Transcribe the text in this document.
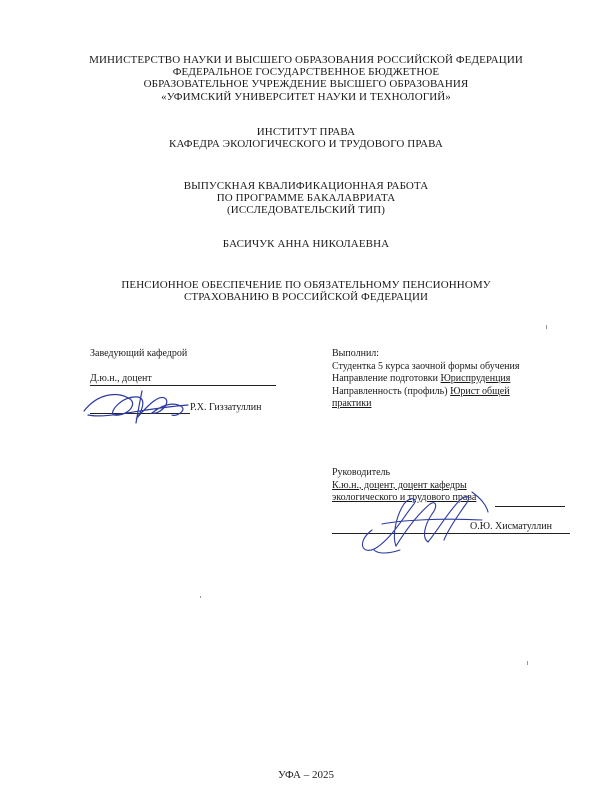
МИНИСТЕРСТВО НАУКИ И ВЫСШЕГО ОБРАЗОВАНИЯ РОССИЙСКОЙ ФЕДЕРАЦИИ
ФЕДЕРАЛЬНОЕ ГОСУДАРСТВЕННОЕ БЮДЖЕТНОЕ
ОБРАЗОВАТЕЛЬНОЕ УЧРЕЖДЕНИЕ ВЫСШЕГО ОБРАЗОВАНИЯ
«УФИМСКИЙ УНИВЕРСИТЕТ НАУКИ И ТЕХНОЛОГИЙ»
ИНСТИТУТ ПРАВА
КАФЕДРА ЭКОЛОГИЧЕСКОГО И ТРУДОВОГО ПРАВА
ВЫПУСКНАЯ КВАЛИФИКАЦИОННАЯ РАБОТА
ПО ПРОГРАММЕ БАКАЛАВРИАТА
(ИССЛЕДОВАТЕЛЬСКИЙ ТИП)
БАСИЧУК АННА НИКОЛАЕВНА
ПЕНСИОННОЕ ОБЕСПЕЧЕНИЕ ПО ОБЯЗАТЕЛЬНОМУ ПЕНСИОННОМУ
СТРАХОВАНИЮ В РОССИЙСКОЙ ФЕДЕРАЦИИ
Заведующий кафедрой
Д.ю.н., доцент
Р.Х. Гиззатуллин
Выполнил:
Студентка 5 курса заочной формы обучения
Направление подготовки Юриспруденция
Направленность (профиль) Юрист общей
практики
Руководитель
К.ю.н., доцент, доцент кафедры
экологического и трудового права
О.Ю. Хисматуллин
УФА – 2025
